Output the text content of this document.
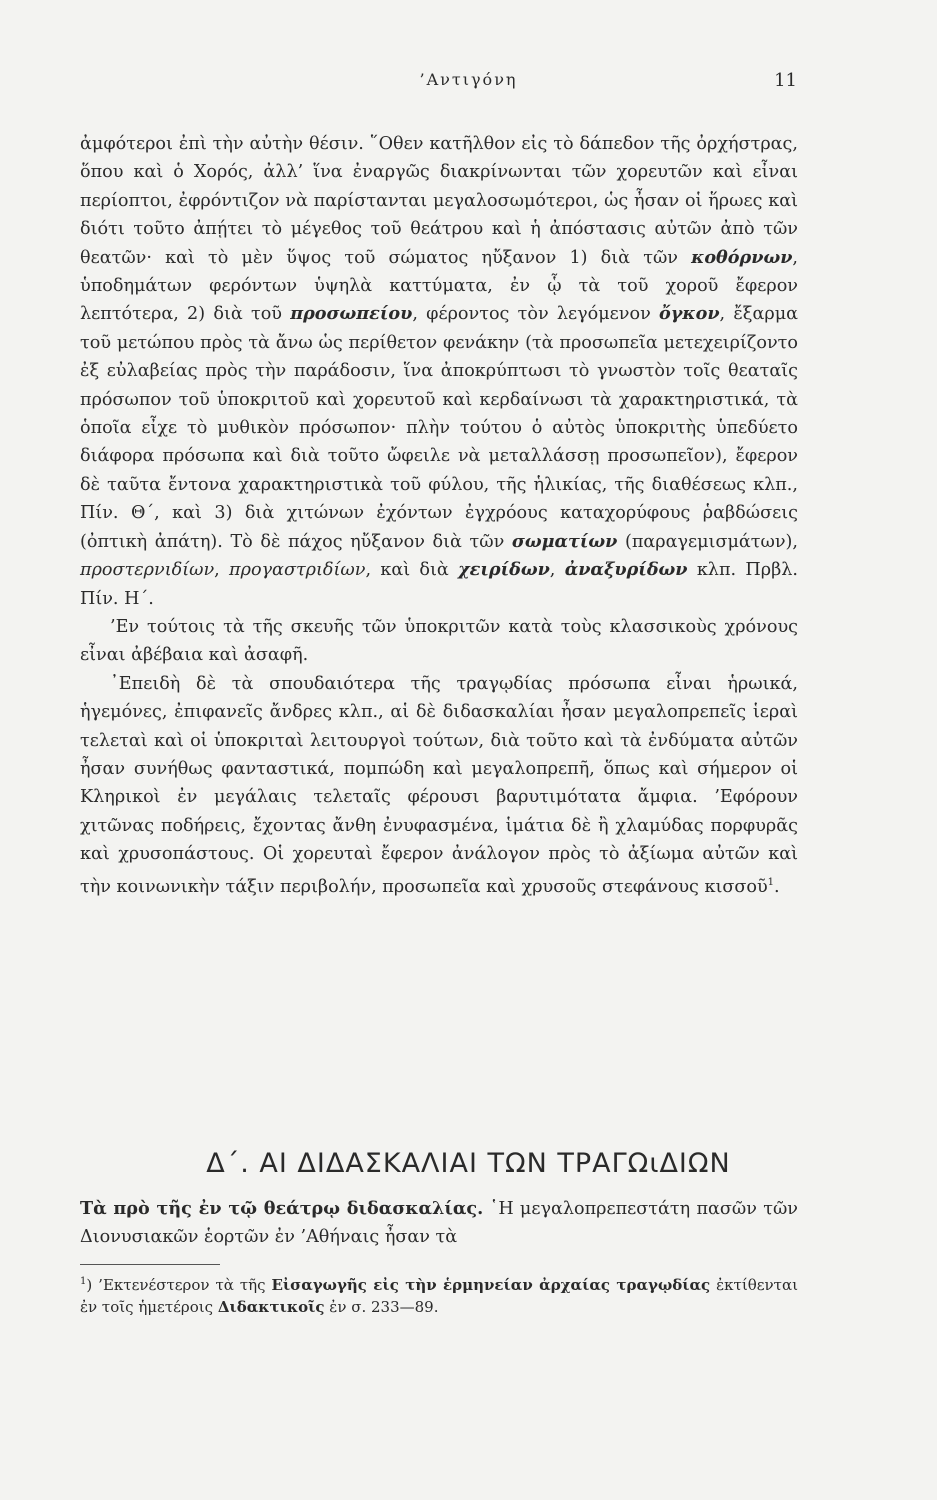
’Αντιγόνη	11

ἀμφότεροι ἐπὶ τὴν αὐτὴν θέσιν. ῞Οθεν κατῆλθον εἰς τὸ δάπεδον τῆς ὀρχήστρας, ὅπου καὶ ὁ Χορός, ἀλλ’ ἵνα ἐναργῶς διακρίνωνται τῶν χορευτῶν καὶ εἶναι περίοπτοι, ἐφρόντιζον νὰ παρίστανται μεγαλοσωμότεροι, ὡς ἦσαν οἱ ἥρωες καὶ διότι τοῦτο ἀπῄτει τὸ μέγεθος τοῦ θεάτρου καὶ ἡ ἀπόστασις αὐτῶν ἀπὸ τῶν θεατῶν· καὶ τὸ μὲν ὕψος τοῦ σώματος ηὔξανον 1) διὰ τῶν κοθόρνων, ὑποδημάτων φερόντων ὑψηλὰ καττύματα, ἐν ᾧ τὰ τοῦ χοροῦ ἔφερον λεπτότερα, 2) διὰ τοῦ προσωπείου, φέροντος τὸν λεγόμενον ὄγκον, ἔξαρμα τοῦ μετώπου πρὸς τὰ ἄνω ὡς περίθετον φενάκην (τὰ προσωπεῖα μετεχειρίζοντο ἐξ εὐλαβείας πρὸς τὴν παράδοσιν, ἵνα ἀποκρύπτωσι τὸ γνωστὸν τοῖς θεαταῖς πρόσωπον τοῦ ὑποκριτοῦ καὶ χορευτοῦ καὶ κερδαίνωσι τὰ χαρακτηριστικά, τὰ ὁποῖα εἶχε τὸ μυθικὸν πρόσωπον· πλὴν τούτου ὁ αὐτὸς ὑποκριτὴς ὑπεδύετο διάφορα πρόσωπα καὶ διὰ τοῦτο ὤφειλε νὰ μεταλλάσσῃ προσωπεῖον), ἔφερον δὲ ταῦτα ἔντονα χαρακτηριστικὰ τοῦ φύλου, τῆς ἡλικίας, τῆς διαθέσεως κλπ., Πίν. Θ΄, καὶ 3) διὰ χιτώνων ἐχόντων ἐγχρόους καταχορύφους ῥαβδώσεις (ὀπτικὴ ἀπάτη). Τὸ δὲ πάχος ηὔξανον διὰ τῶν σωματίων (παραγεμισμάτων), προστερνιδίων, προγαστριδίων, καὶ διὰ χειρίδων, ἀναξυρίδων κλπ. Πρβλ. Πίν. Η΄.

’Εν τούτοις τὰ τῆς σκευῆς τῶν ὑποκριτῶν κατὰ τοὺς κλασσικοὺς χρόνους εἶναι ἀβέβαια καὶ ἀσαφῆ.

᾿Επειδὴ δὲ τὰ σπουδαιότερα τῆς τραγῳδίας πρόσωπα εἶναι ἡρωικά, ἡγεμόνες, ἐπιφανεῖς ἄνδρες κλπ., αἱ δὲ διδασκαλίαι ἦσαν μεγαλοπρεπεῖς ἱεραὶ τελεταὶ καὶ οἱ ὑποκριταὶ λειτουργοὶ τούτων, διὰ τοῦτο καὶ τὰ ἐνδύματα αὐτῶν ἦσαν συνήθως φανταστικά, πομπώδη καὶ μεγαλοπρεπῆ, ὅπως καὶ σήμερον οἱ Κληρικοὶ ἐν μεγάλαις τελεταῖς φέρουσι βαρυτιμότατα ἄμφια. ’Εφόρουν χιτῶνας ποδήρεις, ἔχοντας ἄνθη ἐνυφασμένα, ἱμάτια δὲ ἢ χλαμύδας πορφυρᾶς καὶ χρυσοπάστους. Οἱ χορευταὶ ἔφερον ἀνάλογον πρὸς τὸ ἀξίωμα αὐτῶν καὶ τὴν κοινωνικὴν τάξιν περιβολήν, προσωπεῖα καὶ χρυσοῦς στεφάνους κισσοῦ$^1$.

Δ΄. ΑΙ ΔΙΔΑΣΚΑΛΙΑΙ ΤΩΝ ΤΡΑΓΩιΔΙΩΝ
Τὰ πρὸ τῆς ἐν τῷ θεάτρῳ διδασκαλίας. ῾Η μεγαλοπρεπεστάτη πασῶν τῶν Διονυσιακῶν ἑορτῶν ἐν ’Αθήναις ἦσαν τὰ
$^1$) ’Εκτενέστερον τὰ τῆς Εἰσαγωγῆς εἰς τὴν ἑρμηνείαν ἀρχαίας τραγῳδίας ἐκτίθενται ἐν τοῖς ἡμετέροις Διδακτικοῖς ἐν σ. 233—89.
